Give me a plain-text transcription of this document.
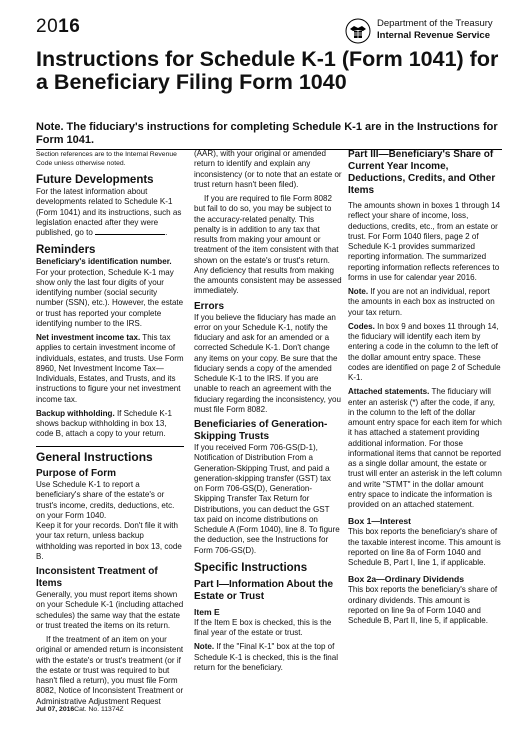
2016	Department of the Treasury
Internal Revenue Service
Instructions for Schedule K-1 (Form 1041) for a Beneficiary Filing Form 1040
Note. The fiduciary's instructions for completing Schedule K-1 are in the Instructions for Form 1041.

Section references are to the Internal Revenue Code unless otherwise noted.

Future Developments

For the latest information about developments related to Schedule K-1 (Form 1041) and its instructions, such as legislation enacted after they were published, go to	.

Reminders

Beneficiary's identification number. For your protection, Schedule K-1 may show only the last four digits of your identifying number (social security number (SSN), etc.). However, the estate or trust has reported your complete identifying number to the IRS.

Net investment income tax. This tax applies to certain investment income of individuals, estates, and trusts. Use Form 8960, Net Investment Income Tax—Individuals, Estates, and Trusts, and its instructions to figure your net investment income tax.

Backup withholding. If Schedule K-1 shows backup withholding in box 13, code B, attach a copy to your return.

General Instructions
Purpose of Form

Use Schedule K-1 to report a beneficiary's share of the estate's or trust's income, credits, deductions, etc. on your Form 1040.

Keep it for your records. Don't file it with your tax return, unless backup withholding was reported in box 13, code B.

Inconsistent Treatment of Items

Generally, you must report items shown on your Schedule K-1 (including attached schedules) the same way that the estate or trust treated the items on its return.

If the treatment of an item on your original or amended return is inconsistent with the estate's or trust's treatment (or if the estate or trust was required to but hasn't filed a return), you must file Form 8082, Notice of Inconsistent Treatment or Administrative Adjustment Request

(AAR), with your original or amended return to identify and explain any inconsistency (or to note that an estate or trust return hasn't been filed).

If you are required to file Form 8082 but fail to do so, you may be subject to the accuracy-related penalty. This penalty is in addition to any tax that results from making your amount or treatment of the item consistent with that shown on the estate's or trust's return. Any deficiency that results from making the amounts consistent may be assessed immediately.

Errors

If you believe the fiduciary has made an error on your Schedule K-1, notify the fiduciary and ask for an amended or a corrected Schedule K-1. Don't change any items on your copy. Be sure that the fiduciary sends a copy of the amended Schedule K-1 to the IRS. If you are unable to reach an agreement with the fiduciary regarding the inconsistency, you must file Form 8082.

Beneficiaries of Generation-Skipping Trusts

If you received Form 706-GS(D-1), Notification of Distribution From a Generation-Skipping Trust, and paid a generation-skipping transfer (GST) tax on Form 706-GS(D), Generation-Skipping Transfer Tax Return for Distributions, you can deduct the GST tax paid on income distributions on Schedule A (Form 1040), line 8. To figure the deduction, see the Instructions for Form 706-GS(D).

Specific Instructions
Part I—Information About the Estate or Trust
Item E

If the Item E box is checked, this is the final year of the estate or trust.

Note. If the "Final K-1" box at the top of Schedule K-1 is checked, this is the final return for the beneficiary.

Part III—Beneficiary's Share of Current Year Income, Deductions, Credits, and Other Items

The amounts shown in boxes 1 through 14 reflect your share of income, loss, deductions, credits, etc., from an estate or trust. For Form 1040 filers, page 2 of Schedule K-1 provides summarized reporting information. The summarized reporting information reflects references to forms in use for calendar year 2016.

Note. If you are not an individual, report the amounts in each box as instructed on your tax return.

Codes. In box 9 and boxes 11 through 14, the fiduciary will identify each item by entering a code in the column to the left of the dollar amount entry space. These codes are identified on page 2 of Schedule K-1.

Attached statements. The fiduciary will enter an asterisk (*) after the code, if any, in the column to the left of the dollar amount entry space for each item for which it has attached a statement providing additional information. For those informational items that cannot be reported as a single dollar amount, the estate or trust will enter an asterisk in the left column and write "STMT" in the dollar amount entry space to indicate the information is provided on an attached statement.

Box 1—Interest

This box reports the beneficiary's share of the taxable interest income. This amount is reported on line 8a of Form 1040 and Schedule B, Part I, line 1, if applicable.

Box 2a—Ordinary Dividends

This box reports the beneficiary's share of ordinary dividends. This amount is reported on line 9a of Form 1040 and Schedule B, Part II, line 5, if applicable.

Jul 07, 2016Cat. No. 11374Z
